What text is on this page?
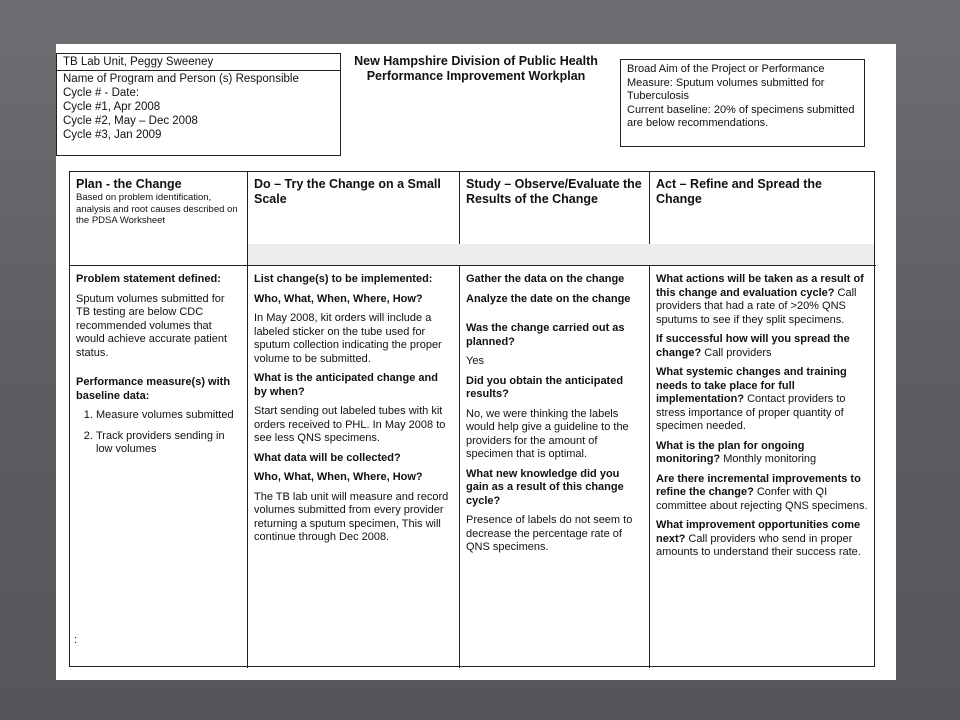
TB Lab Unit, Peggy Sweeney
Name of Program and Person (s) Responsible
Cycle # - Date:
Cycle #1, Apr 2008
Cycle #2, May – Dec 2008
Cycle #3, Jan 2009
New Hampshire Division of Public Health
Performance Improvement Workplan	Broad Aim of the Project or Performance Measure: Sputum volumes submitted for Tuberculosis
Current baseline: 20% of specimens submitted are below recommendations.
Plan - the Change
Based on problem identification, analysis and root causes described on the PDSA Worksheet
Do – Try the Change on a Small Scale
Study – Observe/Evaluate the Results of the Change
Act – Refine and Spread the Change
Problem statement defined:
Sputum volumes submitted for TB testing are below CDC recommended volumes that would achieve accurate patient status.
Performance measure(s) with baseline data:
1. Measure volumes submitted
2. Track providers sending in low volumes
:
List change(s) to be implemented:
Who, What, When, Where, How?
In May 2008, kit orders will include a labeled sticker on the tube used for sputum collection indicating the proper volume to be submitted.
What is the anticipated change and by when?
Start sending out labeled tubes with kit orders received to PHL. In May 2008 to see less QNS specimens.
What data will be collected?
Who, What, When, Where, How?
The TB lab unit will measure and record volumes submitted from every provider returning a sputum specimen, This will continue through Dec 2008.
Gather the data on the change
Analyze the date on the change
Was the change carried out as planned?
Yes
Did you obtain the anticipated results?
No, we were thinking the labels would help give a guideline to the providers for the amount of specimen that is optimal.
What new knowledge did you gain as a result of this change cycle?
Presence of labels do not seem to decrease the percentage rate of QNS specimens.
What actions will be taken as a result of this change and evaluation cycle? Call providers that had a rate of >20% QNS sputums to see if they split specimens.
If successful how will you spread the change? Call providers
What systemic changes and training needs to take place for full implementation? Contact providers to stress importance of proper quantity of specimen needed.
What is the plan for ongoing monitoring? Monthly monitoring
Are there incremental improvements to refine the change? Confer with QI committee about rejecting QNS specimens.
What improvement opportunities come next? Call providers who send in proper amounts to understand their success rate.
